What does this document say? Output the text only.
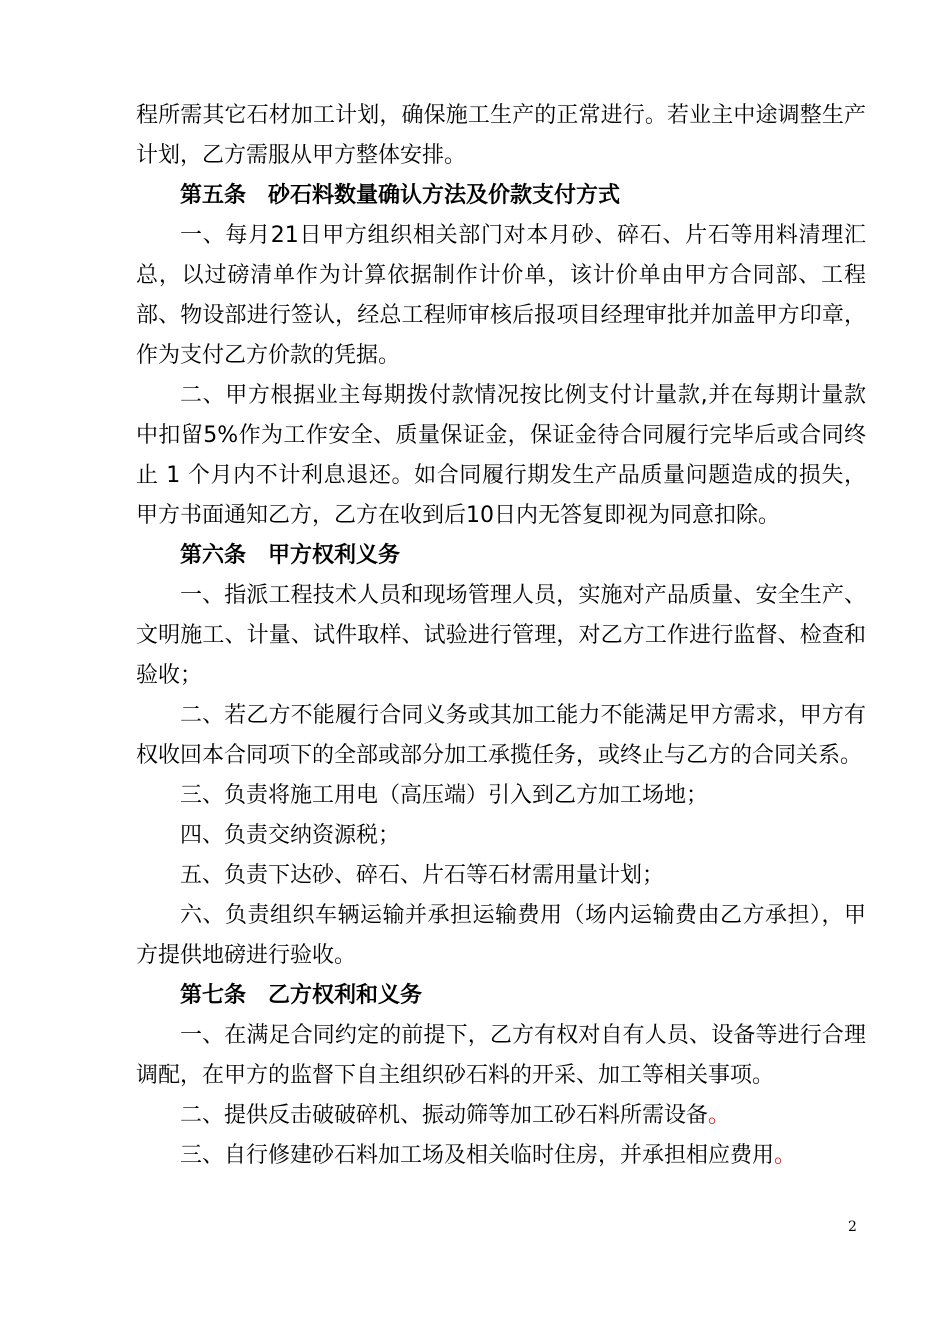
程所需其它石材加工计划，确保施工生产的正常进行。若业主中途调整生产计划，乙方需服从甲方整体安排。

第五条　砂石料数量确认方法及价款支付方式

一、每月21日甲方组织相关部门对本月砂、碎石、片石等用料清理汇总，以过磅清单作为计算依据制作计价单，该计价单由甲方合同部、工程部、物设部进行签认，经总工程师审核后报项目经理审批并加盖甲方印章，作为支付乙方价款的凭据。

二、甲方根据业主每期拨付款情况按比例支付计量款,并在每期计量款中扣留5%作为工作安全、质量保证金，保证金待合同履行完毕后或合同终止 1 个月内不计利息退还。如合同履行期发生产品质量问题造成的损失，甲方书面通知乙方，乙方在收到后10日内无答复即视为同意扣除。

第六条　甲方权利义务

一、指派工程技术人员和现场管理人员，实施对产品质量、安全生产、文明施工、计量、试件取样、试验进行管理，对乙方工作进行监督、检查和验收；

二、若乙方不能履行合同义务或其加工能力不能满足甲方需求，甲方有权收回本合同项下的全部或部分加工承揽任务，或终止与乙方的合同关系。

三、负责将施工用电（高压端）引入到乙方加工场地；

四、负责交纳资源税；

五、负责下达砂、碎石、片石等石材需用量计划；

六、负责组织车辆运输并承担运输费用（场内运输费由乙方承担），甲方提供地磅进行验收。

第七条　乙方权利和义务

一、在满足合同约定的前提下，乙方有权对自有人员、设备等进行合理调配，在甲方的监督下自主组织砂石料的开采、加工等相关事项。

二、提供反击破破碎机、振动筛等加工砂石料所需设备。

三、自行修建砂石料加工场及相关临时住房，并承担相应费用。

2
